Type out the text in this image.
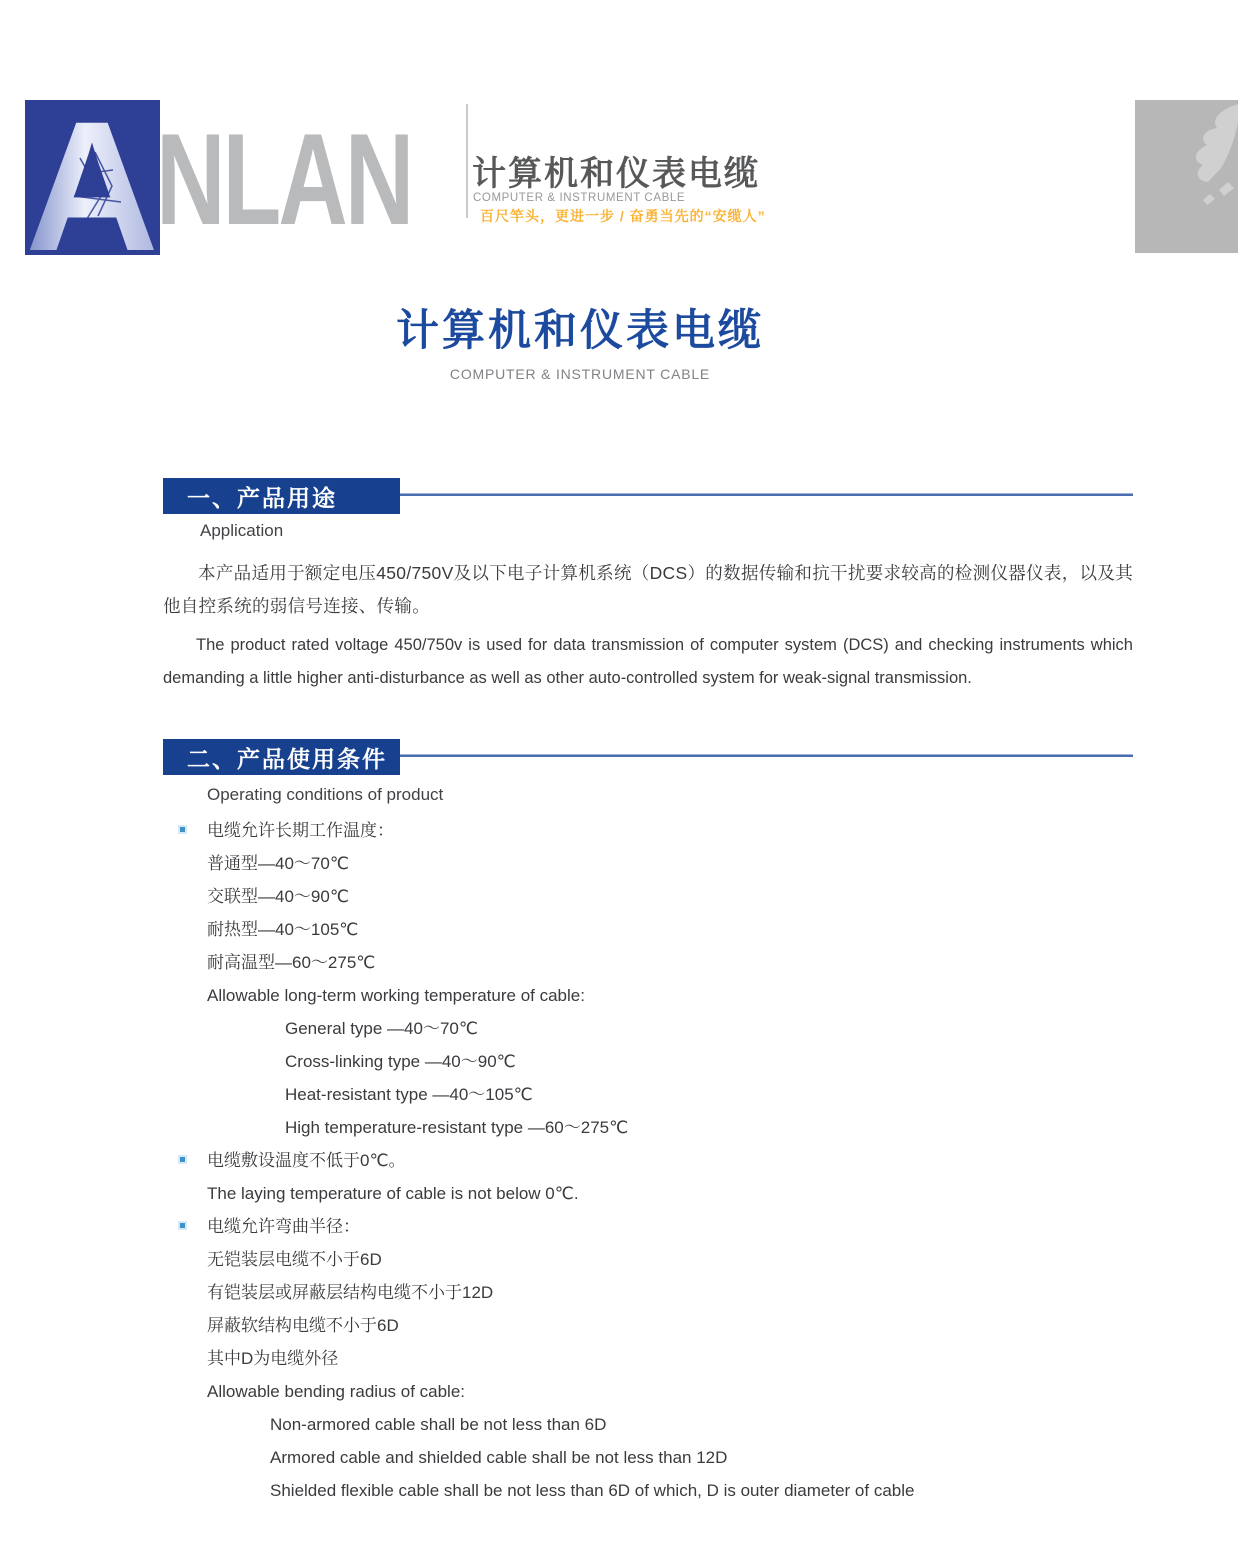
A
NLAN 计算机和仪表电缆
COMPUTER & INSTRUMENT CABLE
百尺竿头，更进一步 / 奋勇当先的“安缆人”
计算机和仪表电缆
COMPUTER & INSTRUMENT CABLE
一、产品用途
Application

本产品适用于额定电压450/750V及以下电子计算机系统（DCS）的数据传输和抗干扰要求较高的检测仪器仪表，以及其他自控系统的弱信号连接、传输。

The product rated voltage 450/750v is used for data transmission of computer system (DCS) and checking instruments which demanding a little higher anti-disturbance as well as other auto-controlled system for weak-signal transmission.

二、产品使用条件
Operating conditions of product
电缆允许长期工作温度：
普通型—40～70℃
交联型—40～90℃
耐热型—40～105℃
耐高温型—60～275℃
Allowable long-term working temperature of cable:
General type —40～70℃
Cross-linking type —40～90℃
Heat-resistant type —40～105℃
High temperature-resistant type —60～275℃
电缆敷设温度不低于0℃。
The laying temperature of cable is not below 0℃.
电缆允许弯曲半径：
无铠装层电缆不小于6D
有铠装层或屏蔽层结构电缆不小于12D
屏蔽软结构电缆不小于6D
其中D为电缆外径
Allowable bending radius of cable:
Non-armored cable shall be not less than 6D
Armored cable and shielded cable shall be not less than 12D
Shielded flexible cable shall be not less than 6D of which, D is outer diameter of cable
